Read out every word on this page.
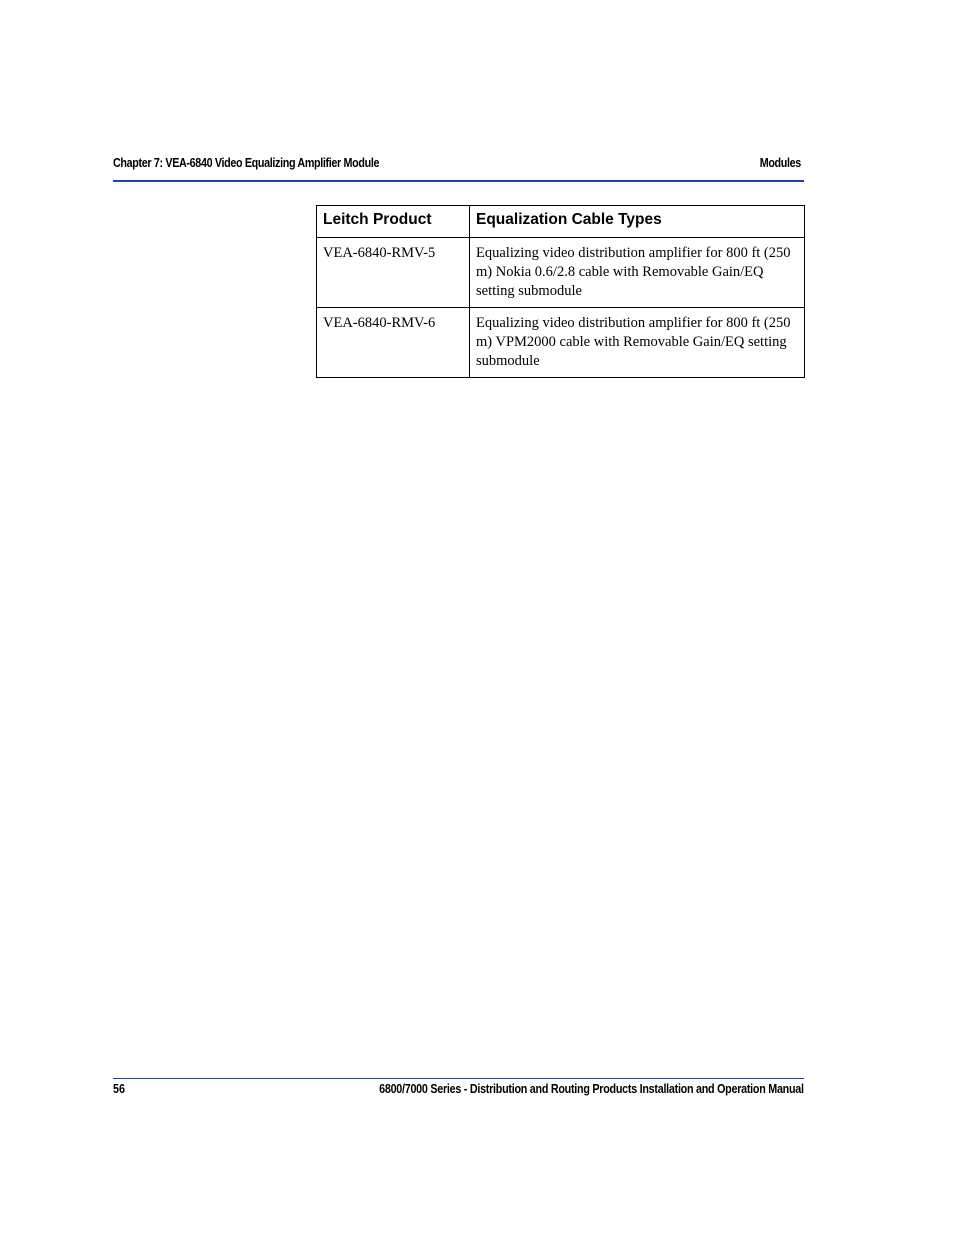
Chapter 7: VEA-6840 Video Equalizing Amplifier Module	Modules
Leitch Product	Equalization Cable Types
VEA-6840-RMV-5	Equalizing video distribution amplifier for 800 ft (250 m) Nokia 0.6/2.8 cable with Removable Gain/EQ setting submodule
VEA-6840-RMV-6	Equalizing video distribution amplifier for 800 ft (250 m) VPM2000 cable with Removable Gain/EQ setting submodule
56	6800/7000 Series - Distribution and Routing Products Installation and Operation Manual
